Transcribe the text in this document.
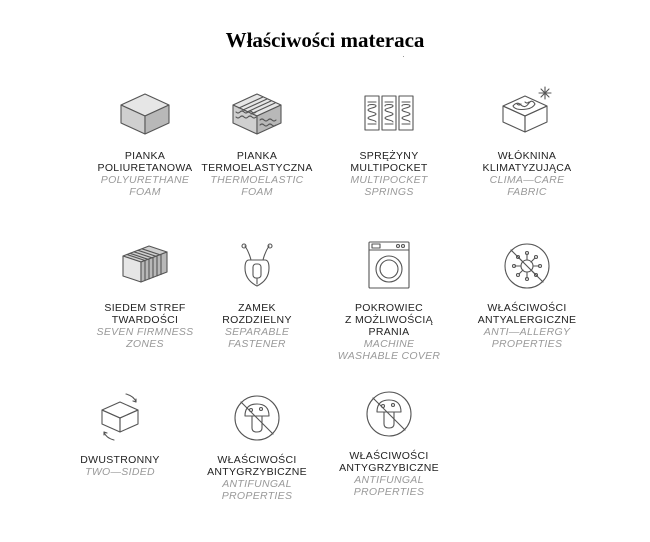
Właściwości materaca
PIANKA
POLIURETANOWA
POLYURETHANE
FOAM
PIANKA
TERMOELASTYCZNA
THERMOELASTIC
FOAM
SPRĘŻYNY
MULTIPOCKET
MULTIPOCKET
SPRINGS
WŁÓKNINA
KLIMATYZUJĄCA
CLIMA—CARE
FABRIC
SIEDEM STREF
TWARDOŚCI
SEVEN FIRMNESS
ZONES
ZAMEK
ROZDZIELNY
SEPARABLE
FASTENER
POKROWIEC
Z MOŻLIWOŚCIĄ
PRANIA
MACHINE
WASHABLE COVER
WŁAŚCIWOŚCI
ANTYALERGICZNE
ANTI—ALLERGY
PROPERTIES
DWUSTRONNY
TWO—SIDED
WŁAŚCIWOŚCI
ANTYGRZYBICZNE
ANTIFUNGAL
PROPERTIES
WŁAŚCIWOŚCI
ANTYGRZYBICZNE
ANTIFUNGAL
PROPERTIES
